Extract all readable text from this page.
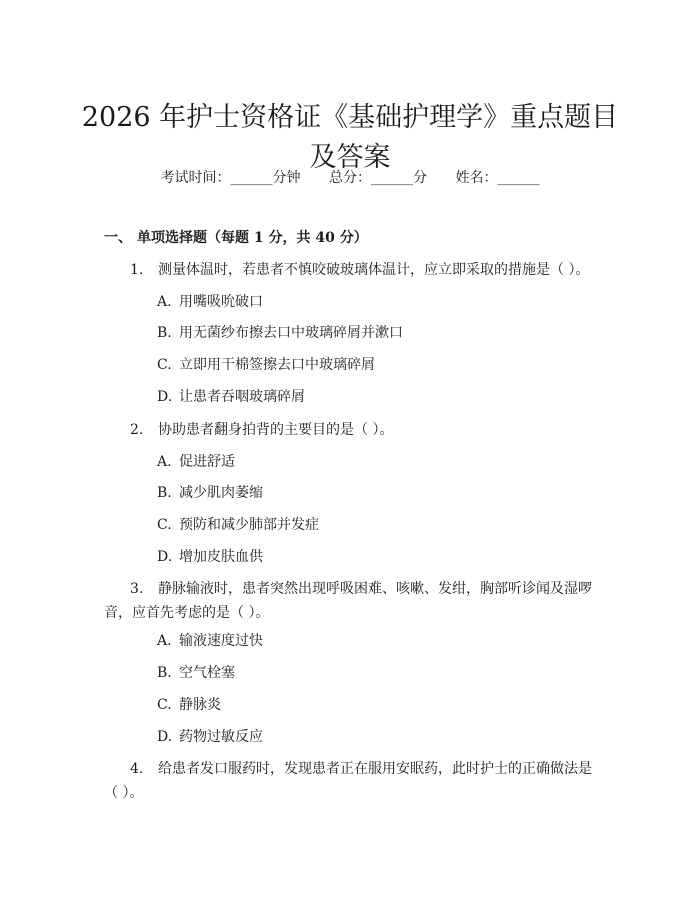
2026 年护士资格证《基础护理学》重点题目
及答案
考试时间：______分钟 总分：______分 姓名：______
一、 单项选择题（每题 1 分，共 40 分）
1. 测量体温时，若患者不慎咬破玻璃体温计，应立即采取的措施是（ ）。
A. 用嘴吸吮破口
B. 用无菌纱布擦去口中玻璃碎屑并漱口
C. 立即用干棉签擦去口中玻璃碎屑
D. 让患者吞咽玻璃碎屑
2. 协助患者翻身拍背的主要目的是（ ）。
A. 促进舒适
B. 减少肌肉萎缩
C. 预防和减少肺部并发症
D. 增加皮肤血供
3. 静脉输液时，患者突然出现呼吸困难、咳嗽、发绀，胸部听诊闻及湿啰音，应首先考虑的是（ ）。
A. 输液速度过快
B. 空气栓塞
C. 静脉炎
D. 药物过敏反应
4. 给患者发口服药时，发现患者正在服用安眠药，此时护士的正确做法是（ ）。
